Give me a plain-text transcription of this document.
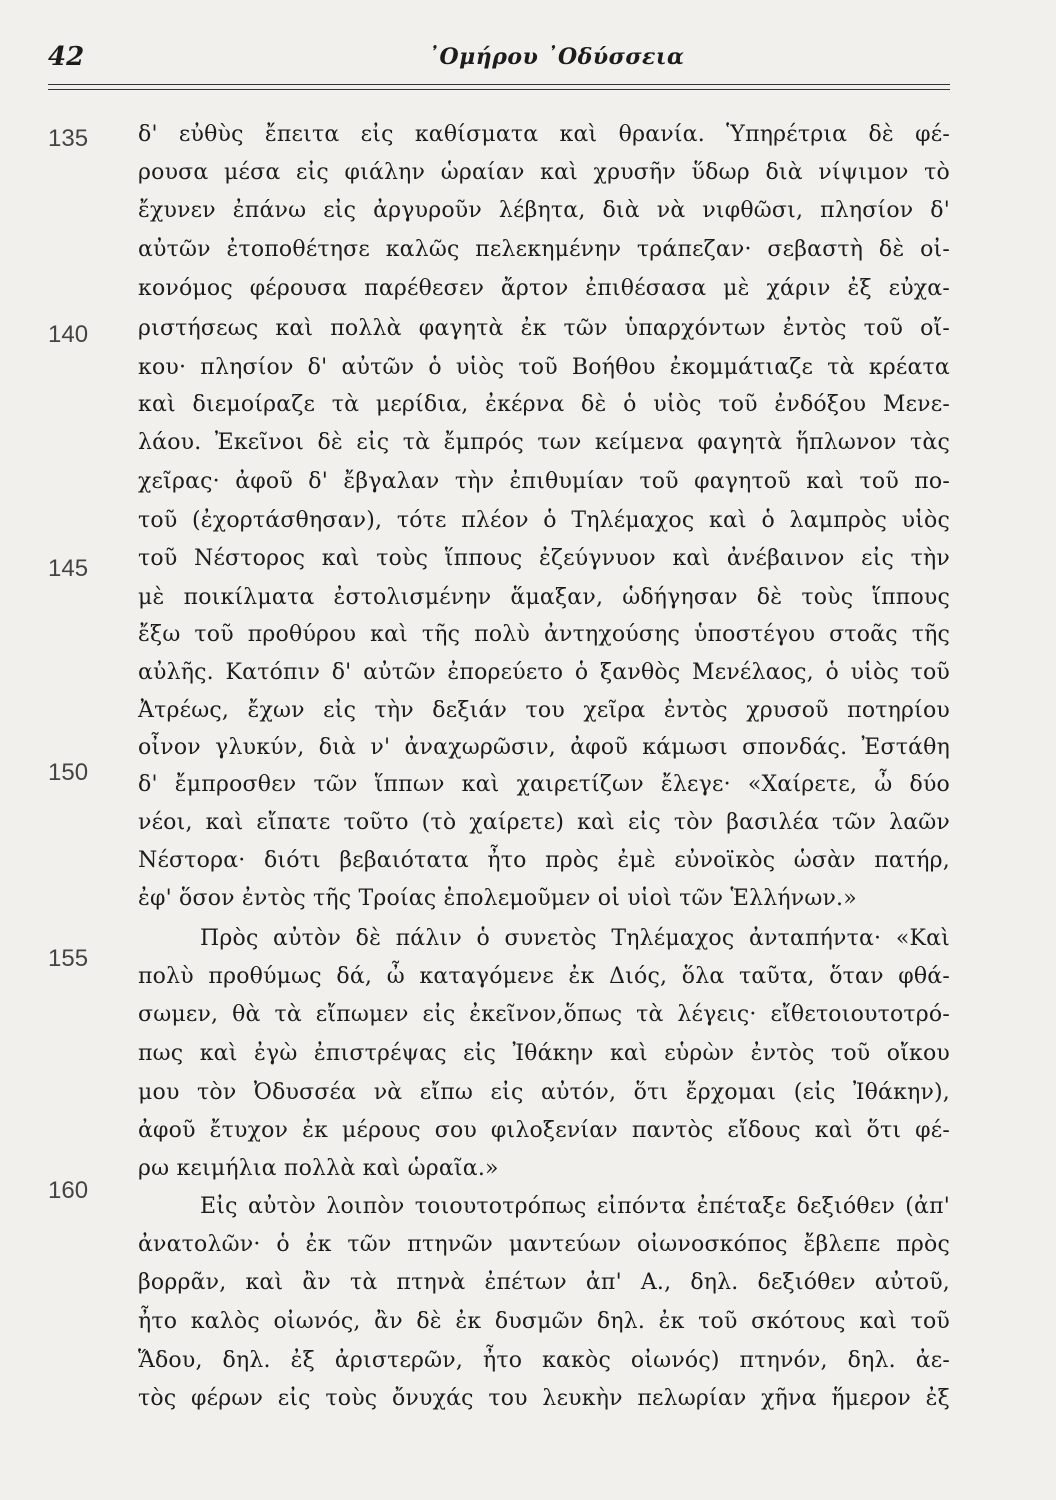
42	᾿Ομήρου ᾿Οδύσσεια
135
140
145
150
155
160
δ' εὐθὺς ἔπειτα εἰς καθίσματα καὶ θρανία. Ὑπηρέτρια δὲ φέ-
ρουσα μέσα εἰς φιάλην ὡραίαν καὶ χρυσῆν ὕδωρ διὰ νίψιμον τὸ
ἔχυνεν ἐπάνω εἰς ἀργυροῦν λέβητα, διὰ νὰ νιφθῶσι, πλησίον δ'
αὐτῶν ἐτοποθέτησε καλῶς πελεκημένην τράπεζαν· σεβαστὴ δὲ οἰ-
κονόμος φέρουσα παρέθεσεν ἄρτον ἐπιθέσασα μὲ χάριν ἐξ εὐχα-
ριστήσεως καὶ πολλὰ φαγητὰ ἐκ τῶν ὑπαρχόντων ἐντὸς τοῦ οἴ-
κου· πλησίον δ' αὐτῶν ὁ υἱὸς τοῦ Βοήθου ἐκομμάτιαζε τὰ κρέατα
καὶ διεμοίραζε τὰ μερίδια, ἐκέρνα δὲ ὁ υἱὸς τοῦ ἐνδόξου Μενε-
λάου. Ἐκεῖνοι δὲ εἰς τὰ ἔμπρός των κείμενα φαγητὰ ἥπλωνον τὰς
χεῖρας· ἀφοῦ δ' ἔβγαλαν τὴν ἐπιθυμίαν τοῦ φαγητοῦ καὶ τοῦ πο-
τοῦ (ἐχορτάσθησαν), τότε πλέον ὁ Τηλέμαχος καὶ ὁ λαμπρὸς υἱὸς
τοῦ Νέστορος καὶ τοὺς ἵππους ἐζεύγνυον καὶ ἀνέβαινον εἰς τὴν
μὲ ποικίλματα ἐστολισμένην ἅμαξαν, ὡδήγησαν δὲ τοὺς ἵππους
ἔξω τοῦ προθύρου καὶ τῆς πολὺ ἀντηχούσης ὑποστέγου στοᾶς τῆς
αὐλῆς. Κατόπιν δ' αὐτῶν ἐπορεύετο ὁ ξανθὸς Μενέλαος, ὁ υἱὸς τοῦ
Ἀτρέως, ἔχων εἰς τὴν δεξιάν του χεῖρα ἐντὸς χρυσοῦ ποτηρίου
οἶνον γλυκύν, διὰ ν' ἀναχωρῶσιν, ἀφοῦ κάμωσι σπονδάς. Ἐστάθη
δ' ἔμπροσθεν τῶν ἵππων καὶ χαιρετίζων ἔλεγε· «Χαίρετε, ὦ δύο
νέοι, καὶ εἴπατε τοῦτο (τὸ χαίρετε) καὶ εἰς τὸν βασιλέα τῶν λαῶν
Νέστορα· διότι βεβαιότατα ἦτο πρὸς ἐμὲ εὐνοϊκὸς ὡσὰν πατήρ,
ἐφ' ὅσον ἐντὸς τῆς Τροίας ἐπολεμοῦμεν οἱ υἱοὶ τῶν Ἑλλήνων.»
Πρὸς αὐτὸν δὲ πάλιν ὁ συνετὸς Τηλέμαχος ἀνταπήντα· «Καὶ
πολὺ προθύμως δά, ὦ καταγόμενε ἐκ Διός, ὅλα ταῦτα, ὅταν φθά-
σωμεν, θὰ τὰ εἴπωμεν εἰς ἐκεῖνον,ὅπως τὰ λέγεις· εἴθετοιουτοτρό-
πως καὶ ἐγὼ ἐπιστρέψας εἰς Ἰθάκην καὶ εὑρὼν ἐντὸς τοῦ οἴκου
μου τὸν Ὀδυσσέα νὰ εἴπω εἰς αὐτόν, ὅτι ἔρχομαι (εἰς Ἰθάκην),
ἀφοῦ ἔτυχον ἐκ μέρους σου φιλοξενίαν παντὸς εἴδους καὶ ὅτι φέ-
ρω κειμήλια πολλὰ καὶ ὡραῖα.»
Εἰς αὐτὸν λοιπὸν τοιουτοτρόπως εἰπόντα ἐπέταξε δεξιόθεν (ἀπ'
ἀνατολῶν· ὁ ἐκ τῶν πτηνῶν μαντεύων οἰωνοσκόπος ἔβλεπε πρὸς
βορρᾶν, καὶ ἂν τὰ πτηνὰ ἐπέτων ἀπ' Α., δηλ. δεξιόθεν αὐτοῦ,
ἦτο καλὸς οἰωνός, ἂν δὲ ἐκ δυσμῶν δηλ. ἐκ τοῦ σκότους καὶ τοῦ
Ἅδου, δηλ. ἐξ ἀριστερῶν, ἦτο κακὸς οἰωνός) πτηνόν, δηλ. ἀε-
τὸς φέρων εἰς τοὺς ὄνυχάς του λευκὴν πελωρίαν χῆνα ἥμερον ἐξ
